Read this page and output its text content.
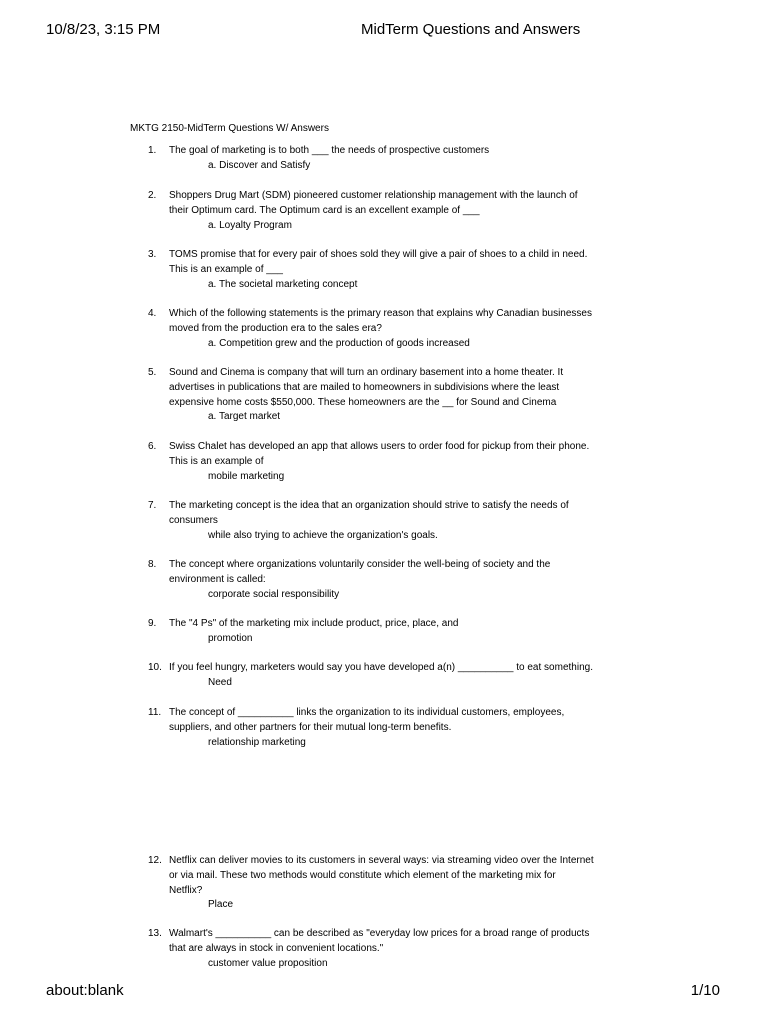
10/8/23, 3:15 PM	MidTerm Questions and Answers
MKTG 2150-MidTerm Questions W/ Answers
1. The goal of marketing is to both ___ the needs of prospective customers
a. Discover and Satisfy
2. Shoppers Drug Mart (SDM) pioneered customer relationship management with the launch of
their Optimum card. The Optimum card is an excellent example of ___
a. Loyalty Program
3. TOMS promise that for every pair of shoes sold they will give a pair of shoes to a child in need.
This is an example of ___
a. The societal marketing concept
4. Which of the following statements is the primary reason that explains why Canadian businesses
moved from the production era to the sales era?
a. Competition grew and the production of goods increased
5. Sound and Cinema is company that will turn an ordinary basement into a home theater. It
advertises in publications that are mailed to homeowners in subdivisions where the least
expensive home costs $550,000. These homeowners are the __ for Sound and Cinema
a. Target market
6. Swiss Chalet has developed an app that allows users to order food for pickup from their phone.
This is an example of
mobile marketing
7. The marketing concept is the idea that an organization should strive to satisfy the needs of
consumers
while also trying to achieve the organization's goals.
8. The concept where organizations voluntarily consider the well-being of society and the
environment is called:
corporate social responsibility
9. The "4 Ps" of the marketing mix include product, price, place, and
promotion
10. If you feel hungry, marketers would say you have developed a(n) __________ to eat something.
Need
11. The concept of __________ links the organization to its individual customers, employees,
suppliers, and other partners for their mutual long-term benefits.
relationship marketing
12. Netflix can deliver movies to its customers in several ways: via streaming video over the Internet
or via mail. These two methods would constitute which element of the marketing mix for
Netflix?
Place
13. Walmart's __________ can be described as "everyday low prices for a broad range of products
that are always in stock in convenient locations."
customer value proposition
about:blank	1/10
